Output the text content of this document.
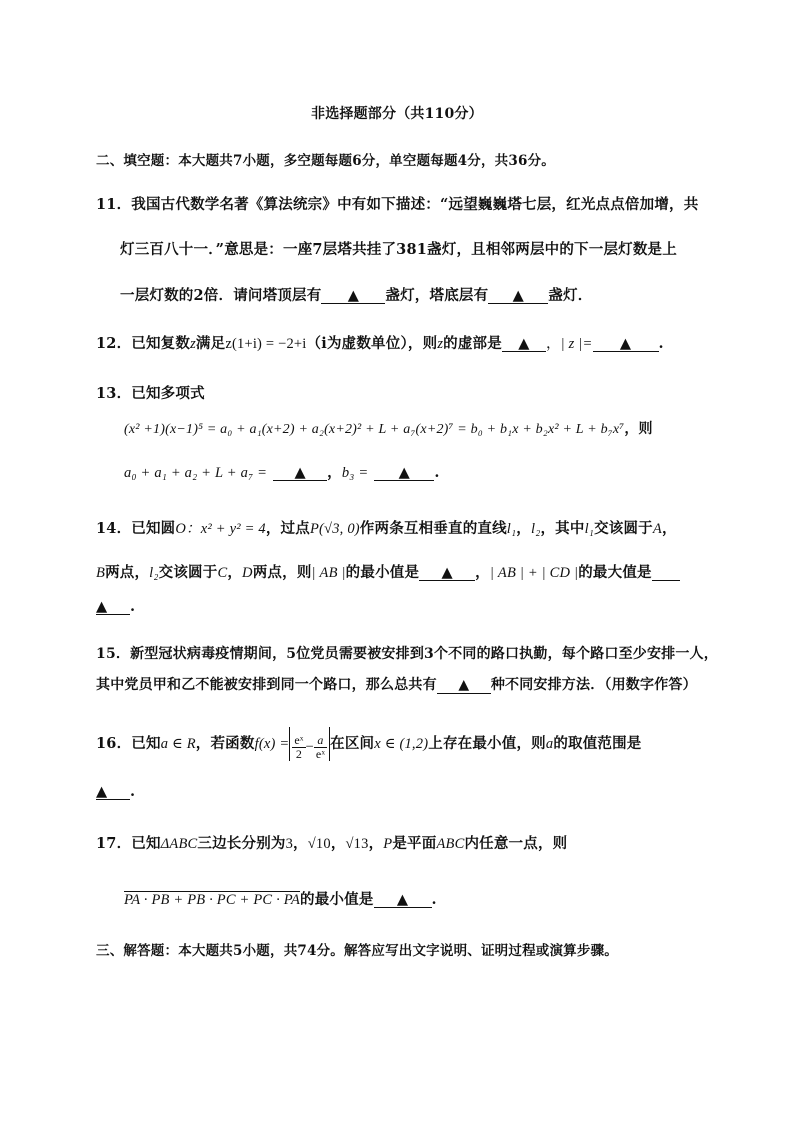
非选择题部分（共110分）
二、填空题：本大题共7小题，多空题每题6分，单空题每题4分，共36分。
11．我国古代数学名著《算法统宗》中有如下描述：“远望巍巍塔七层，红光点点倍加增，共
灯三百八十一．”意思是：一座7层塔共挂了381盏灯，且相邻两层中的下一层灯数是上
一层灯数的2倍．请问塔顶层有 ▲ 盏灯，塔底层有 ▲ 盏灯．
12．已知复数z满足z(1+i) = −2+i（i为虚数单位），则z的虚部是 ▲ ，| z |= ▲ .
13．已知多项式
(x² +1)(x−1)⁵ = a₀ + a₁(x+2) + a₂(x+2)² + L + a₇(x+2)⁷ = b₀ + b₁x + b₂x² + L + b₇x⁷，则
a₀ + a₁ + a₂ + L + a₇ = ▲ ，b₃ = ▲ .
14．已知圆O：x² + y² = 4，过点P(√3, 0)作两条互相垂直的直线l₁，l₂，其中l₁交该圆于A，
B两点，l₂交该圆于C，D两点，则| AB |的最小值是 ▲ ，| AB | + | CD |的最大值是
▲ .
15．新型冠状病毒疫情期间，5位党员需要被安排到3个不同的路口执勤，每个路口至少安排一人，
其中党员甲和乙不能被安排到同一个路口，那么总共有 ▲ 种不同安排方法．（用数字作答）
16．已知a ∈ R，若函数$f(x) = \frac{\text{eˣ}}{2} - \frac{a}{\text{eˣ}}$ 在区间x ∈ (1,2)上存在最小值，则a的取值范围是
▲ .
17．已知ΔABC三边长分别为3，√10，√13，P是平面ABC内任意一点，则
PA · PB + PB · PC + PC · PA的最小值是 ▲ .
三、解答题：本大题共5小题，共74分。解答应写出文字说明、证明过程或演算步骤。
